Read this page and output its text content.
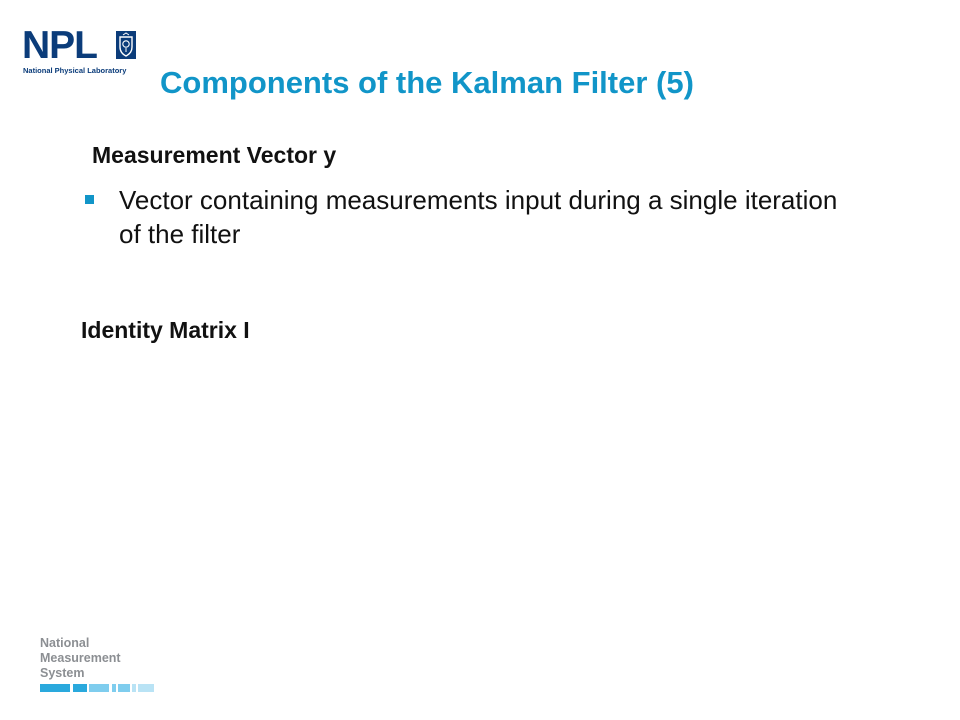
NPL
National Physical Laboratory Components of the Kalman Filter (5)
Measurement Vector y
Vector containing measurements input during a single iteration of the filter
Identity Matrix I
National
Measurement
System
